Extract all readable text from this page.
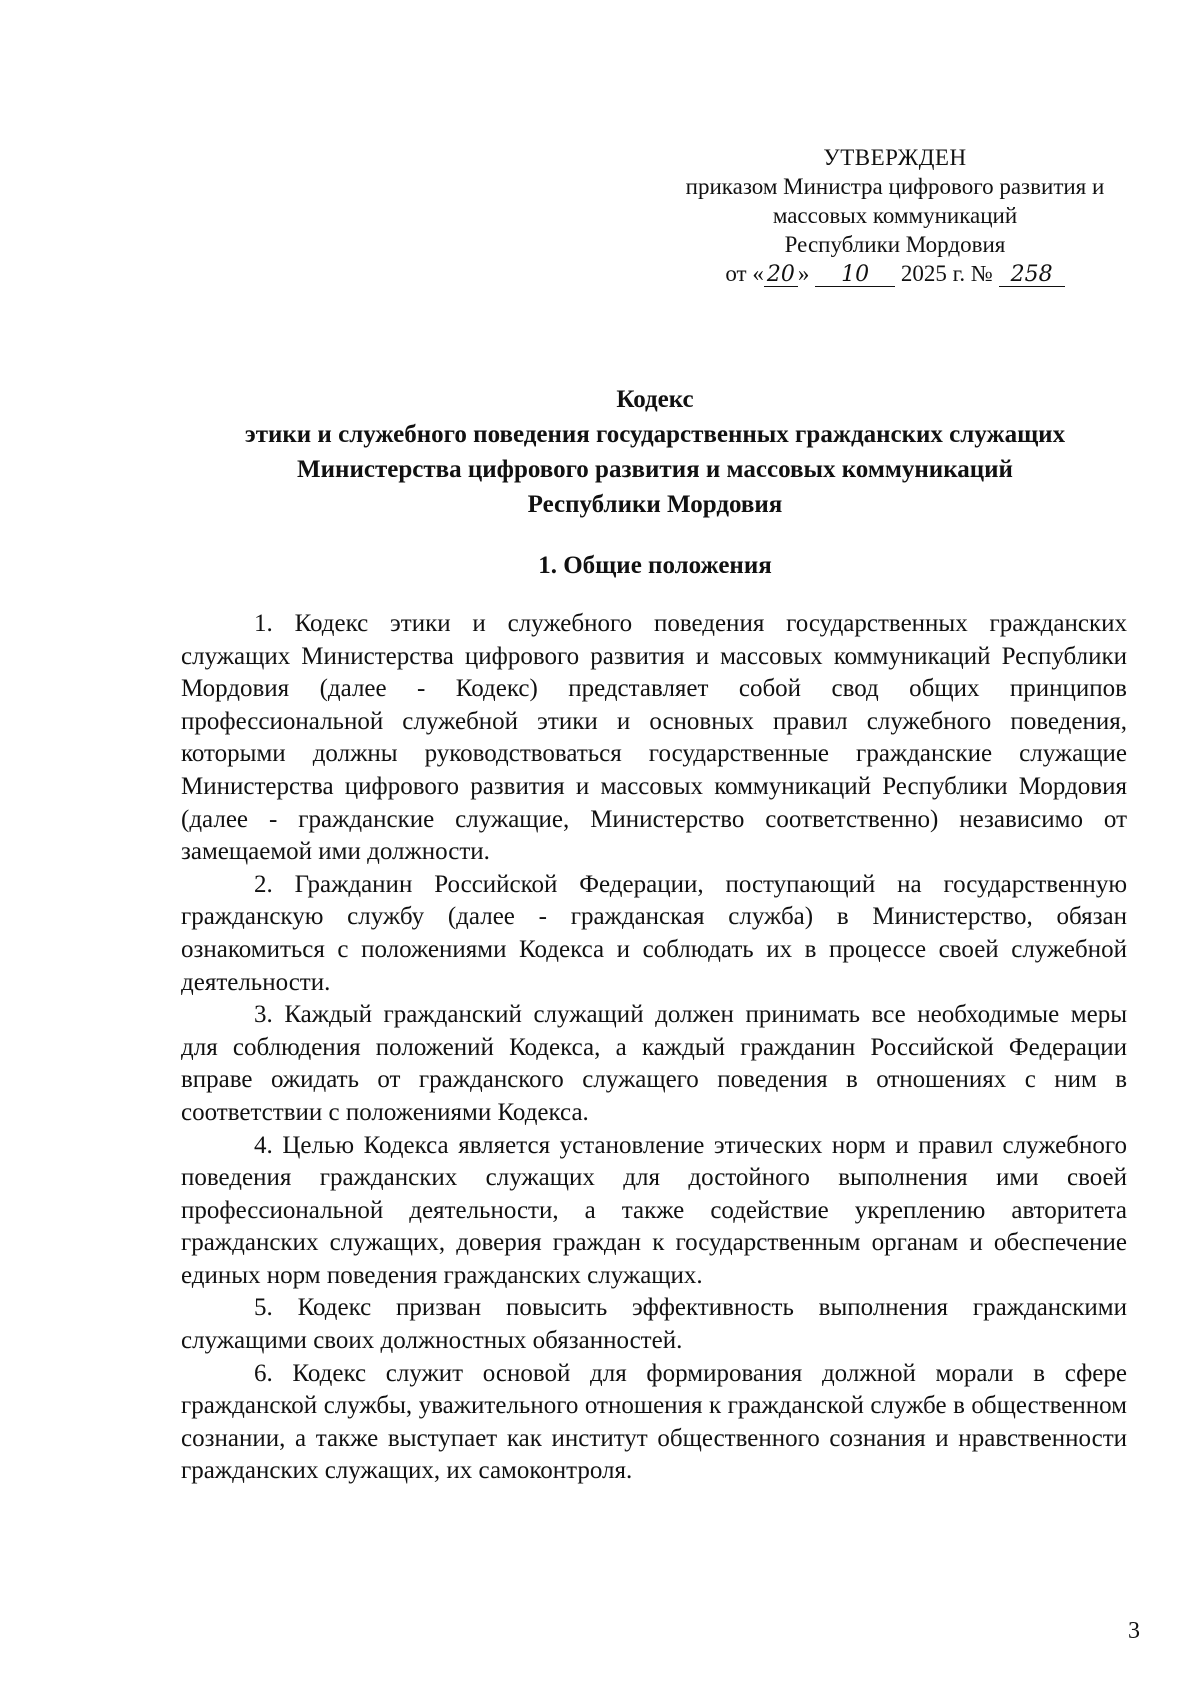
УТВЕРЖДЕН
приказом Министра цифрового развития и
массовых коммуникаций
Республики Мордовия
от « 20 » 10 2025 г. № 258
Кодекс
этики и служебного поведения государственных гражданских служащих
Министерства цифрового развития и массовых коммуникаций
Республики Мордовия
1. Общие положения

1. Кодекс этики и служебного поведения государственных гражданских служащих Министерства цифрового развития и массовых коммуникаций Республики Мордовия (далее - Кодекс) представляет собой свод общих принципов профессиональной служебной этики и основных правил служебного поведения, которыми должны руководствоваться государственные гражданские служащие Министерства цифрового развития и массовых коммуникаций Республики Мордовия (далее - гражданские служащие, Министерство соответственно) независимо от замещаемой ими должности.

2. Гражданин Российской Федерации, поступающий на государственную гражданскую службу (далее - гражданская служба) в Министерство, обязан ознакомиться с положениями Кодекса и соблюдать их в процессе своей служебной деятельности.

3. Каждый гражданский служащий должен принимать все необходимые меры для соблюдения положений Кодекса, а каждый гражданин Российской Федерации вправе ожидать от гражданского служащего поведения в отношениях с ним в соответствии с положениями Кодекса.

4. Целью Кодекса является установление этических норм и правил служебного поведения гражданских служащих для достойного выполнения ими своей профессиональной деятельности, а также содействие укреплению авторитета гражданских служащих, доверия граждан к государственным органам и обеспечение единых норм поведения гражданских служащих.

5. Кодекс призван повысить эффективность выполнения гражданскими служащими своих должностных обязанностей.

6. Кодекс служит основой для формирования должной морали в сфере гражданской службы, уважительного отношения к гражданской службе в общественном сознании, а также выступает как институт общественного сознания и нравственности гражданских служащих, их самоконтроля.

3
